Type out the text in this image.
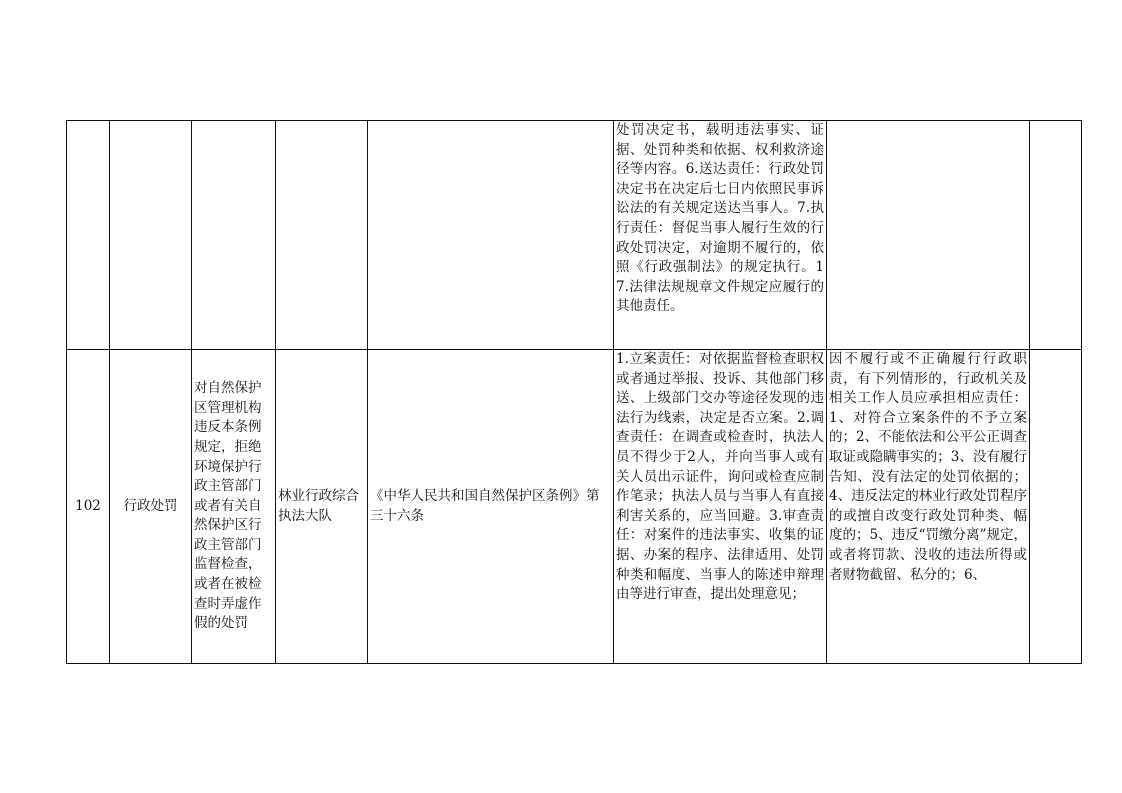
					处罚决定书，载明违法事实、证据、处罚种类和依据、权利救济途径等内容。6.送达责任：行政处罚决定书在决定后七日内依照民事诉讼法的有关规定送达当事人。7.执行责任：督促当事人履行生效的行政处罚决定，对逾期不履行的，依照《行政强制法》的规定执行。17.法律法规规章文件规定应履行的其他责任。		
102	行政处罚	对自然保护区管理机构违反本条例规定，拒绝环境保护行政主管部门或者有关自然保护区行政主管部门监督检查，或者在被检查时弄虚作假的处罚	林业行政综合执法大队	《中华人民共和国自然保护区条例》第三十六条	1.立案责任：对依据监督检查职权或者通过举报、投诉、其他部门移送、上级部门交办等途径发现的违法行为线索，决定是否立案。2.调查责任：在调查或检查时，执法人员不得少于2人，并向当事人或有关人员出示证件，询问或检查应制作笔录；执法人员与当事人有直接利害关系的，应当回避。3.审查责任：对案件的违法事实、收集的证据、办案的程序、法律适用、处罚种类和幅度、当事人的陈述申辩理由等进行审查，提出处理意见；	因不履行或不正确履行行政职责，有下列情形的，行政机关及相关工作人员应承担相应责任：1、对符合立案条件的不予立案的；2、不能依法和公平公正调查取证或隐瞒事实的；3、没有履行告知、没有法定的处罚依据的；4、违反法定的林业行政处罚程序的或擅自改变行政处罚种类、幅度的；5、违反“罚缴分离”规定，或者将罚款、没收的违法所得或者财物截留、私分的；6、	
